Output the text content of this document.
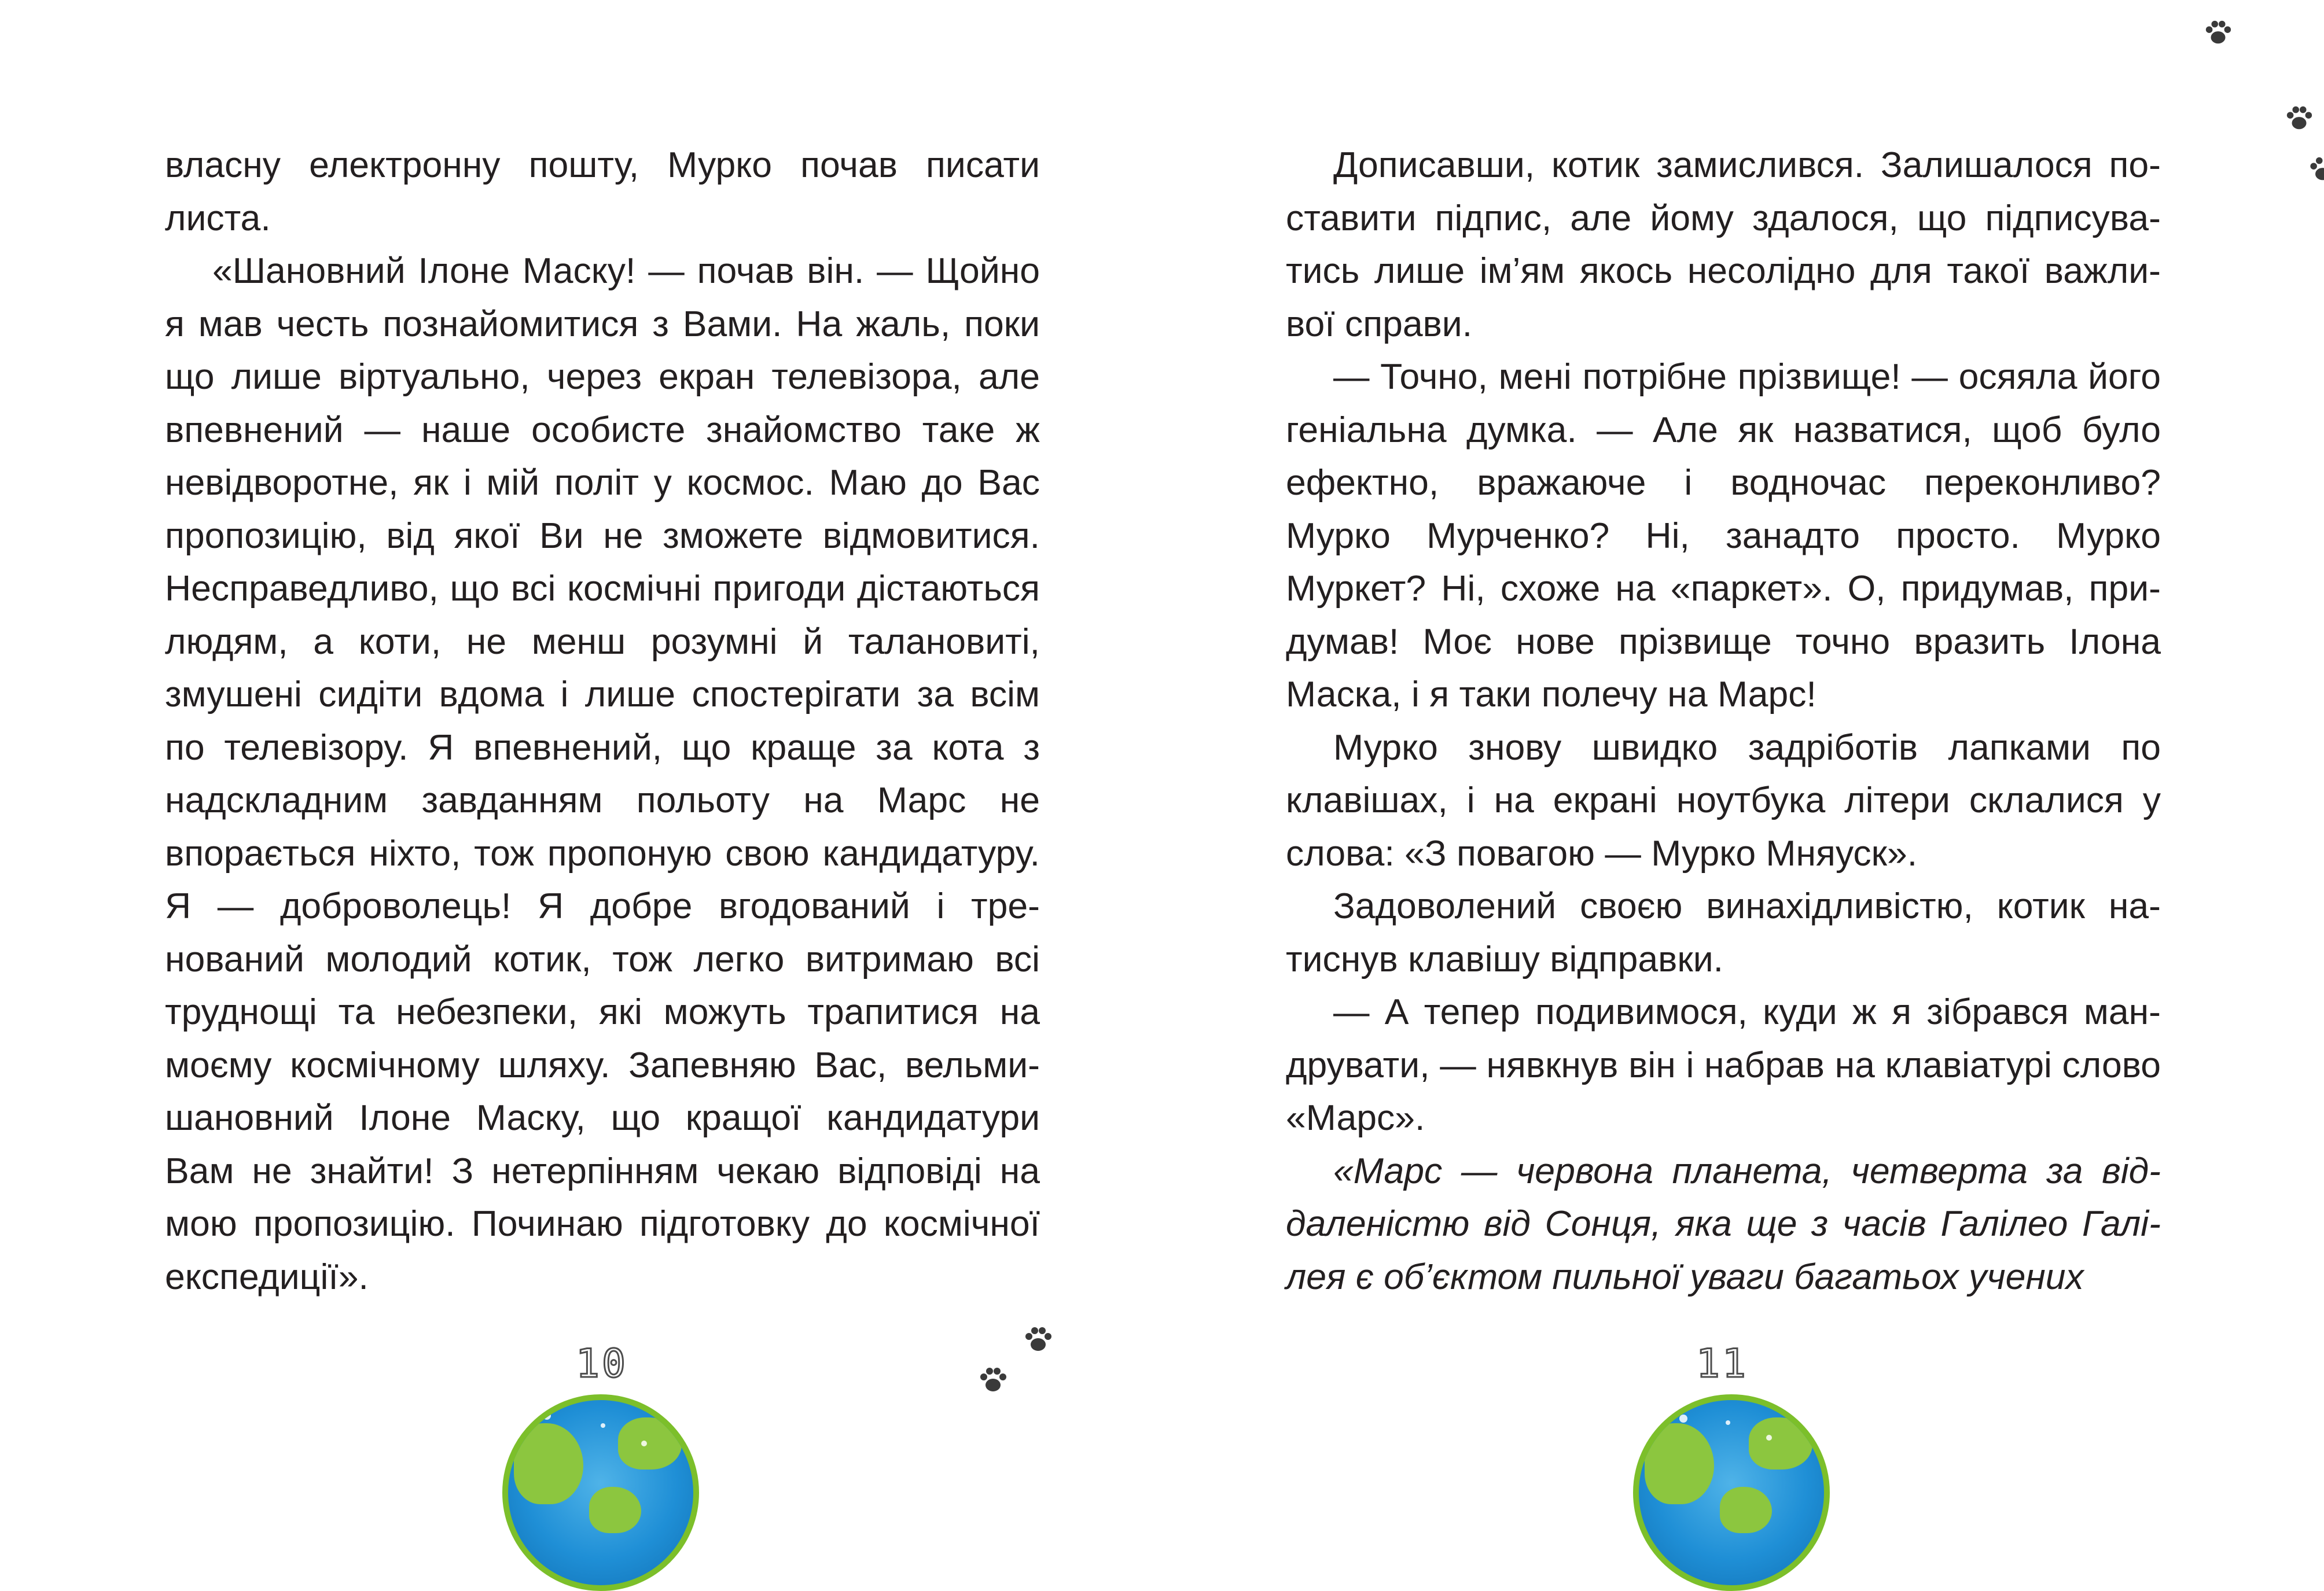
власну електронну пошту, Мурко почав писати листа.

«Шановний Ілоне Маску! — почав він. — Щойно я мав честь познайомитися з Вами. На жаль, поки що лише віртуально, через екран телевізора, але впевнений — наше особисте знайомство таке ж невідворотне, як і мій політ у космос. Маю до Вас пропозицію, від якої Ви не зможете відмовитися. Несправедливо, що всі космічні пригоди дістаються людям, а коти, не менш розумні й талановиті, змушені сидіти вдома і лише спостерігати за всім по телевізору. Я впевнений, що краще за кота з надскладним завданням польоту на Марс не впорається ніхто, тож пропоную свою кандидатуру. Я — доброволець! Я добре вгодований і тренований молодий котик, тож легко витримаю всі труднощі та небезпеки, які можуть трапитися на моєму космічному шляху. Запевняю Вас, вельмишановний Ілоне Маску, що кращої кандидатури Вам не знайти! З нетерпінням чекаю відповіді на мою пропозицію. Починаю підготовку до космічної експедиції».

10

Дописавши, котик замислився. Залишалося поставити підпис, але йому здалося, що підписуватись лише ім’ям якось несолідно для такої важливої справи.

— Точно, мені потрібне прізвище! — осяяла його геніальна думка. — Але як назватися, щоб було ефектно, вражаюче і водночас переконливо? Мурко Мурченко? Ні, занадто просто. Мурко Муркет? Ні, схоже на «паркет». О, придумав, придумав! Моє нове прізвище точно вразить Ілона Маска, і я таки полечу на Марс!

Мурко знову швидко задріботів лапками по клавішах, і на екрані ноутбука літери склалися у слова: «З повагою — Мурко Мняуск».

Задоволений своєю винахідливістю, котик натиснув клавішу відправки.

— А тепер подивимося, куди ж я зібрався мандрувати, — нявкнув він і набрав на клавіатурі слово «Марс».

«Марс — червона планета, четверта за віддаленістю від Сонця, яка ще з часів Галілео Галілея є об’єктом пильної уваги багатьох учених

11
